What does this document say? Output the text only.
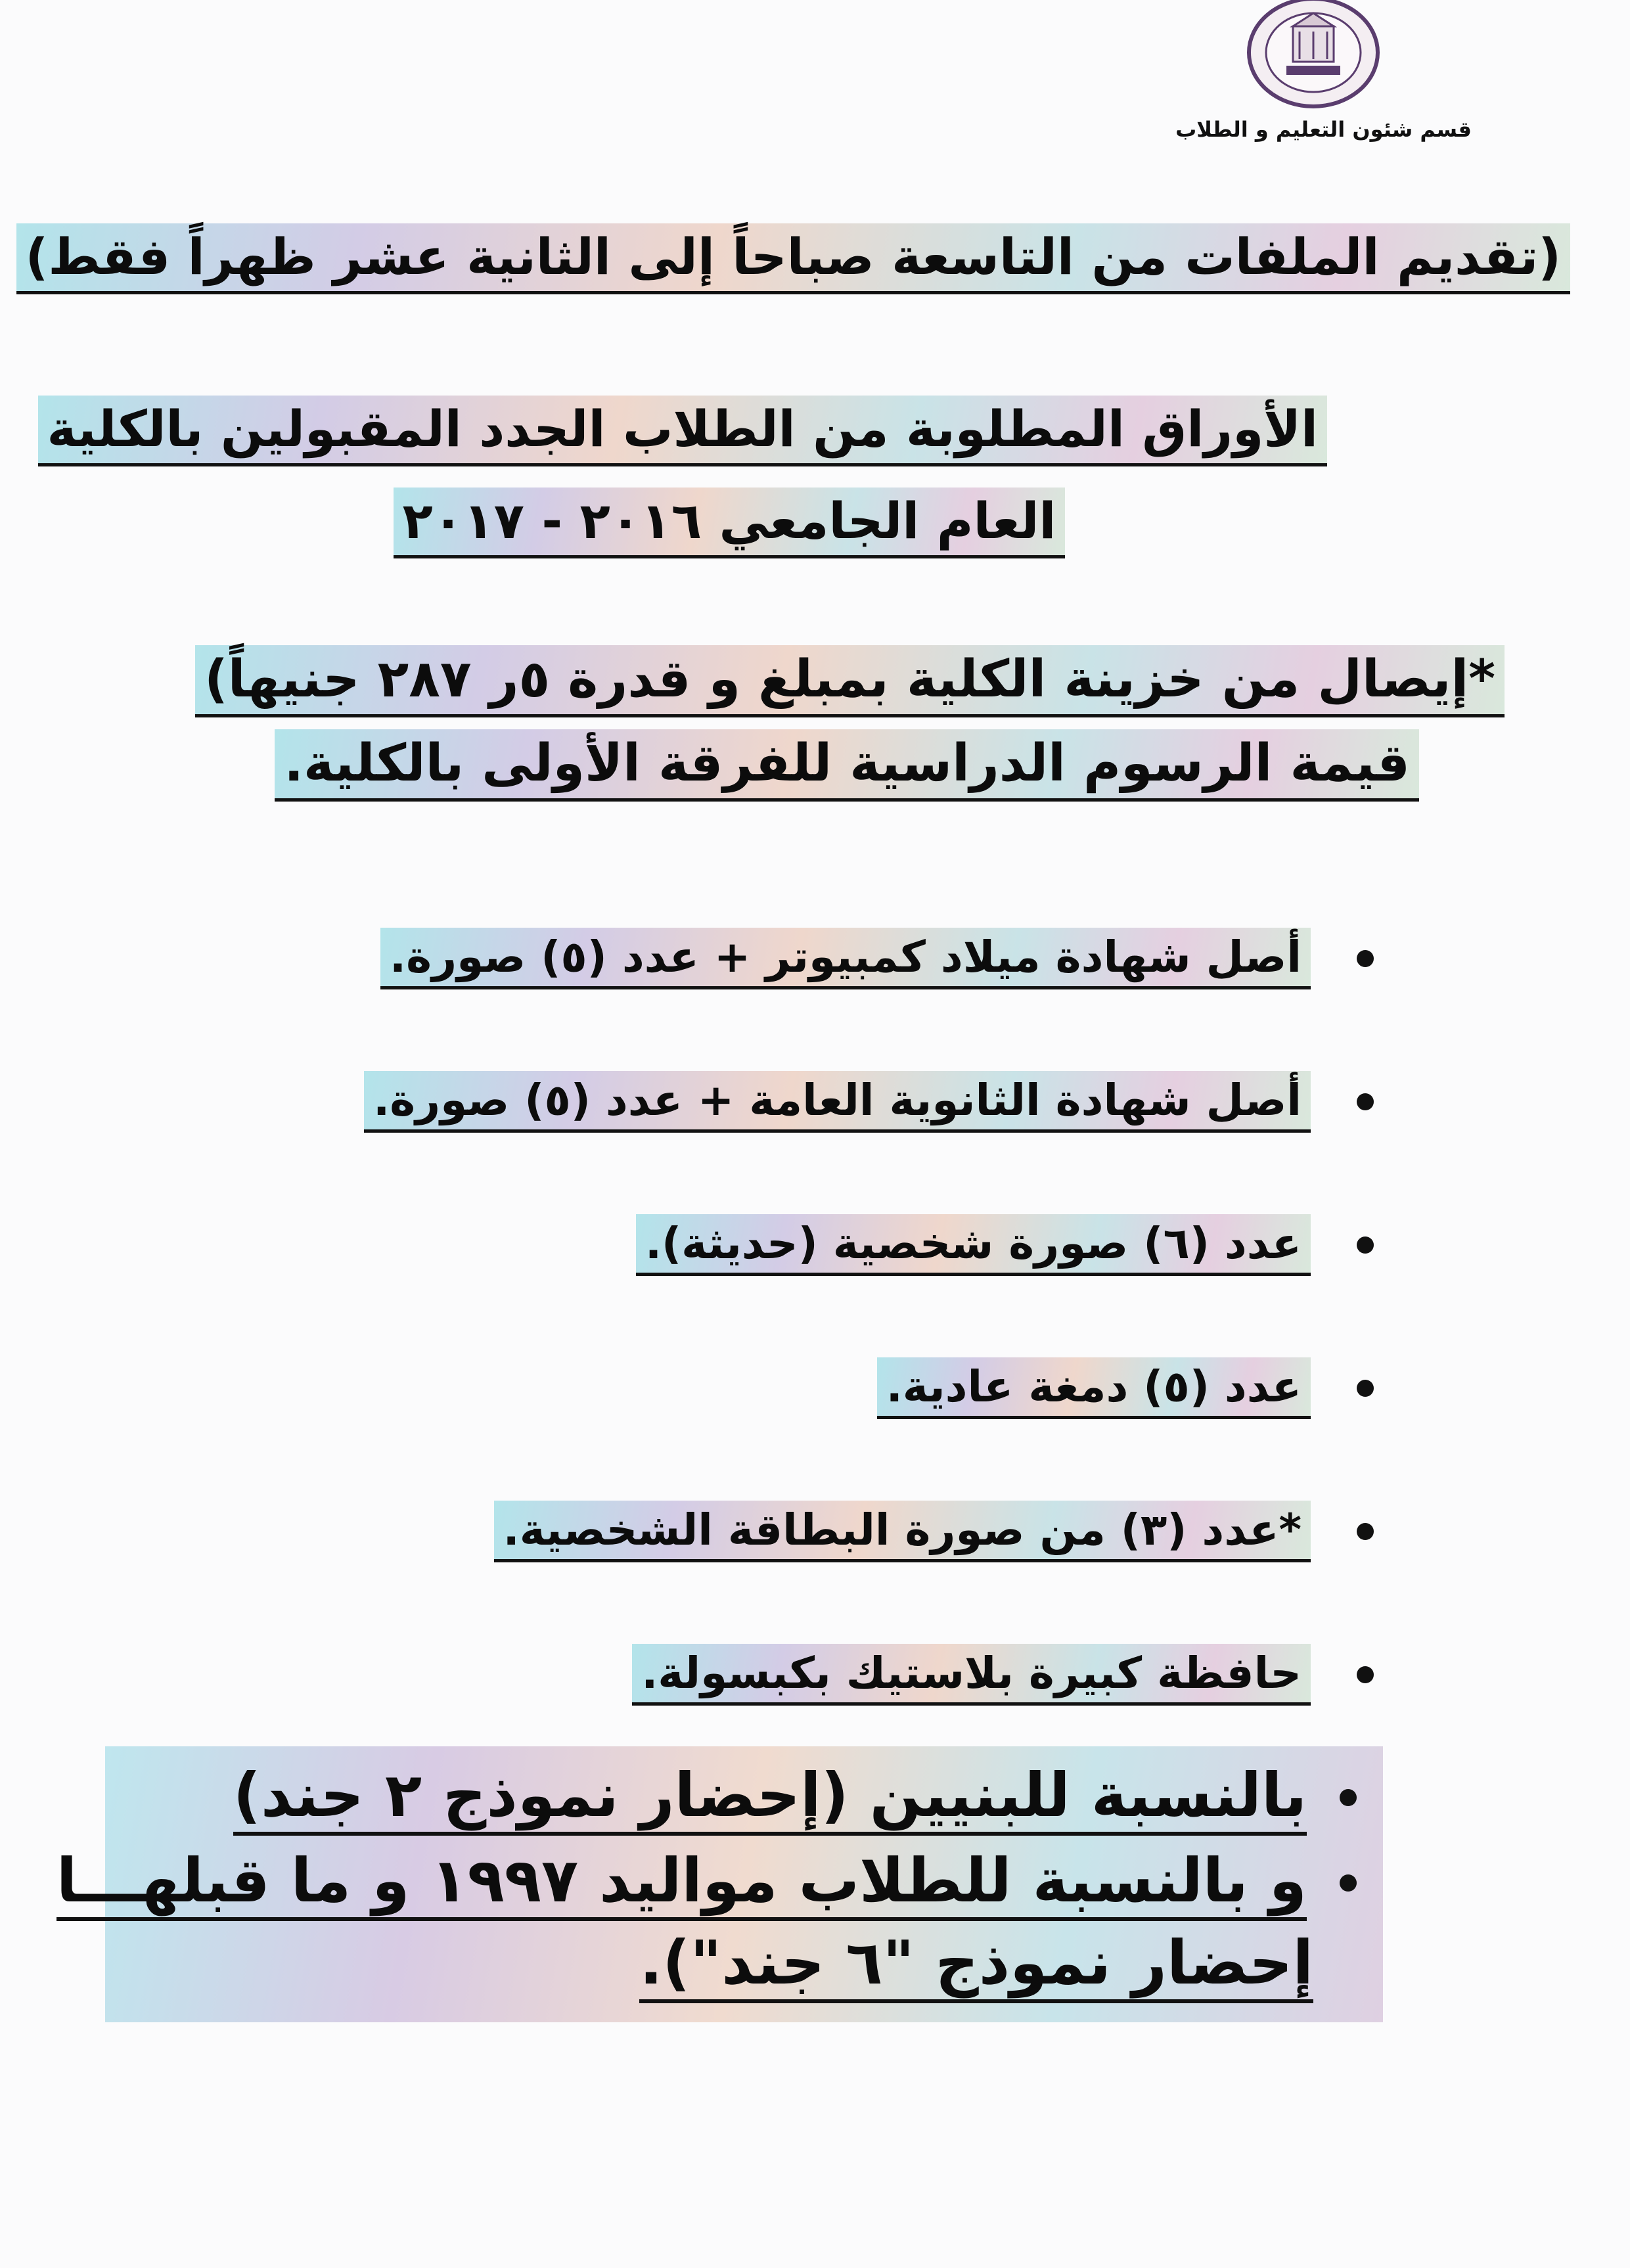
قسم شئون التعليم و الطلاب
(تقديم الملفات من التاسعة صباحاً إلى الثانية عشر ظهراً فقط)
الأوراق المطلوبة من الطلاب الجدد المقبولين بالكلية
العام الجامعي ٢٠١٦ - ٢٠١٧
*إيصال من خزينة الكلية بمبلغ و قدرة ٥ر ٢٨٧ جنيهاً)
قيمة الرسوم الدراسية للفرقة الأولى بالكلية.
أصل شهادة ميلاد كمبيوتر + عدد (٥) صورة.
أصل شهادة الثانوية العامة + عدد (٥) صورة.
عدد (٦) صورة شخصية (حديثة).
عدد (٥) دمغة عادية.
*عدد (٣) من صورة البطاقة الشخصية.
حافظة كبيرة بلاستيك بكبسولة.
بالنسبة للبنيين (إحضار نموذج ٢ جند)
و بالنسبة للطلاب مواليد ١٩٩٧ و ما قبلهـــا
إحضار نموذج "٦ جند").
